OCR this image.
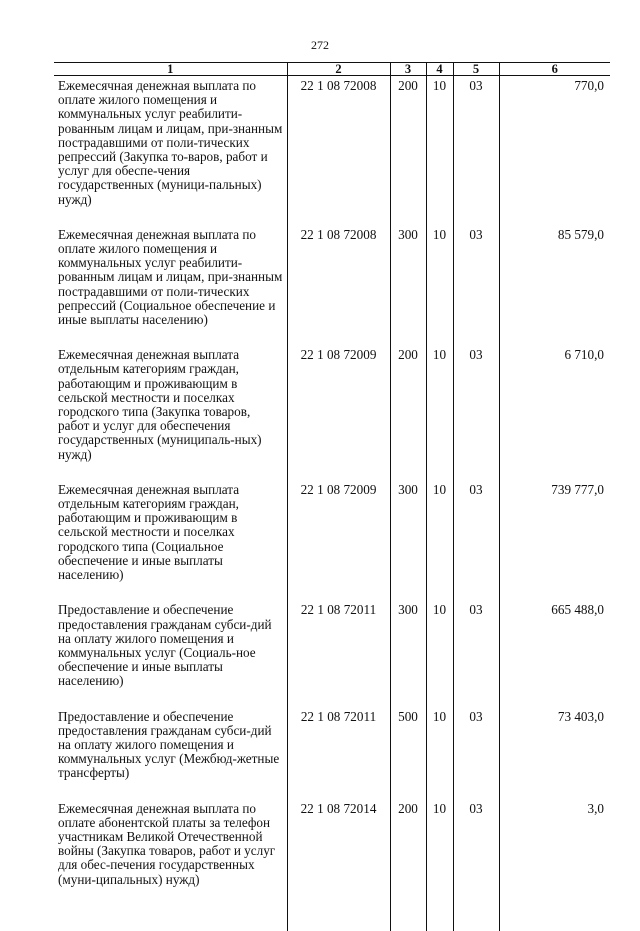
272
1	2	3	4	5	6
Ежемесячная денежная выплата по оплате жилого помещения и коммунальных услуг реабилити-рованным лицам и лицам, при-знанным пострадавшими от поли-тических репрессий (Закупка то-варов, работ и услуг для обеспе-чения государственных (муници-пальных) нужд)	22 1 08 72008	200	10	03	770,0
Ежемесячная денежная выплата по оплате жилого помещения и коммунальных услуг реабилити-рованным лицам и лицам, при-знанным пострадавшими от поли-тических репрессий (Социальное обеспечение и иные выплаты населению)	22 1 08 72008	300	10	03	85 579,0
Ежемесячная денежная выплата отдельным категориям граждан, работающим и проживающим в сельской местности и поселках городского типа (Закупка товаров, работ и услуг для обеспечения государственных (муниципаль-ных) нужд)	22 1 08 72009	200	10	03	6 710,0
Ежемесячная денежная выплата отдельным категориям граждан, работающим и проживающим в сельской местности и поселках городского типа (Социальное обеспечение и иные выплаты населению)	22 1 08 72009	300	10	03	739 777,0
Предоставление и обеспечение предоставления гражданам субси-дий на оплату жилого помещения и коммунальных услуг (Социаль-ное обеспечение и иные выплаты населению)	22 1 08 72011	300	10	03	665 488,0
Предоставление и обеспечение предоставления гражданам субси-дий на оплату жилого помещения и коммунальных услуг (Межбюд-жетные трансферты)	22 1 08 72011	500	10	03	73 403,0
Ежемесячная денежная выплата по оплате абонентской платы за телефон участникам Великой Отечественной войны (Закупка товаров, работ и услуг для обес-печения государственных (муни-ципальных) нужд)	22 1 08 72014	200	10	03	3,0
